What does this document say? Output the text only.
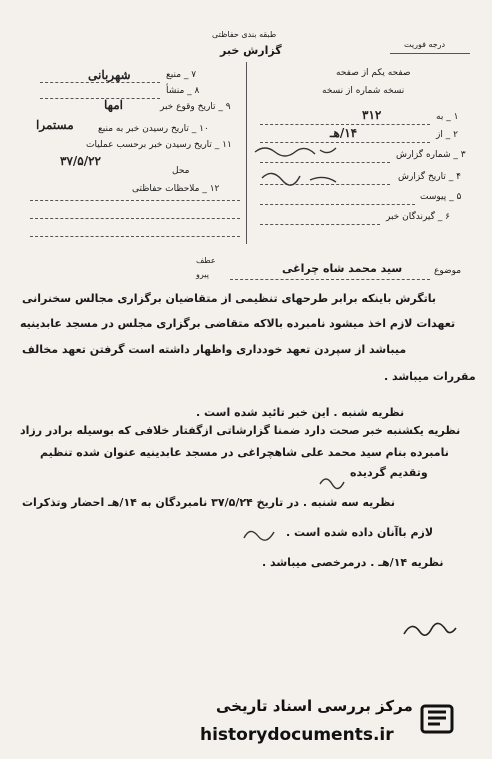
طبقه بندی حفاظتی
گزارش خبر	درجه فوریت
شهربانی	۷ _ منبع
۸ _ منشأ
امها	۹ _ تاریخ وقوع خبر
مستمرا	۱۰ _ تاریخ رسیدن خبر به منبع
۱۱ _ تاریخ رسیدن خبر برحسب عملیات
۳۷/۵/۲۲
محل
۱۲ _ ملاحظات حفاظتی
صفحه یکم از صفحه
نسخه شماره از نسخه
۱ _ به
۳۱۲
۲ _ از
۱۴/هـ
۳ _ شماره گزارش
۴ _ تاریخ گزارش
۵ _ پیوست
۶ _ گیرندگان خبر
عطف
پیرو	موضوع
سید محمد شاه چراغی
باتگرش باینکه برابر طرحهای تنظیمی از متقاضیان برگزاری مجالس سخنرانی
تعهدات لازم اخذ میشود نامبرده بالاکه متقاضی برگزاری مجلس در مسجد عابدینیه
میباشد از سپردن تعهد خودداری واظهار داشته است گرفتن تعهد مخالف
مقررات میباشد .
نظریه شنبه . این خبر تائید شده است .
نظریه یکشنبه خبر صحت دارد ضمنا گزارشاتی ازگفتار خلافی که بوسیله برادر رزاد
نامبرده بنام سید محمد علی شاهچراغی در مسجد عابدینیه عنوان شده تنظیم
وتقدیم گردیده
نظریه سه شنبه . در تاریخ ۳۷/۵/۲۴ نامبردگان به ۱۴/هـ احضار وتذکرات
لازم باآنان داده شده است .
نظریه ۱۴/هـ . درمرخصی میباشد .
مرکز بررسی اسناد تاریخی
historydocuments.ir
